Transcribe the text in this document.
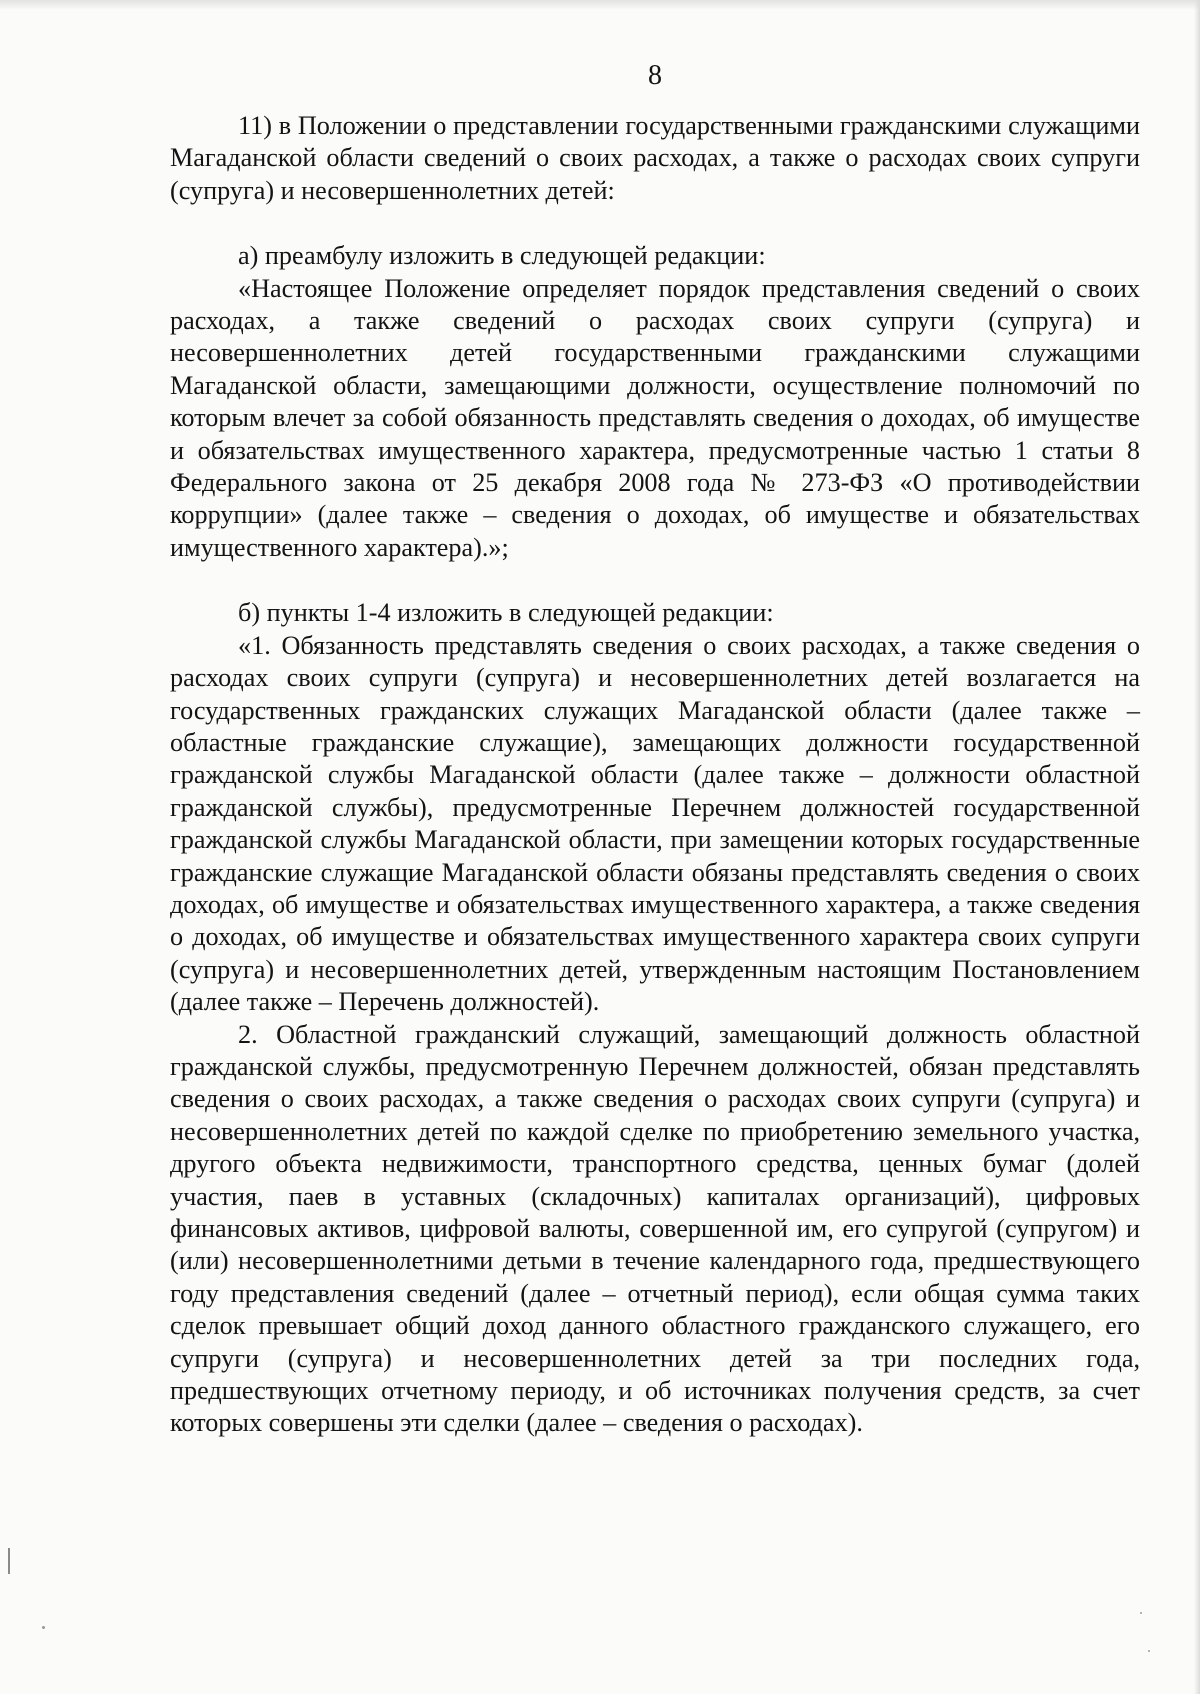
8

11) в Положении о представлении государственными гражданскими служащими Магаданской области сведений о своих расходах, а также о расходах своих супруги (супруга) и несовершеннолетних детей:

а) преамбулу изложить в следующей редакции:

«Настоящее Положение определяет порядок представления сведений о своих расходах, а также сведений о расходах своих супруги (супруга) и несовершеннолетних детей государственными гражданскими служащими Магаданской области, замещающими должности, осуществление полномочий по которым влечет за собой обязанность представлять сведения о доходах, об имуществе и обязательствах имущественного характера, предусмотренные частью 1 статьи 8 Федерального закона от 25 декабря 2008 года № 273-ФЗ «О противодействии коррупции» (далее также – сведения о доходах, об имуществе и обязательствах имущественного характера).»;

б) пункты 1-4 изложить в следующей редакции:

«1. Обязанность представлять сведения о своих расходах, а также сведения о расходах своих супруги (супруга) и несовершеннолетних детей возлагается на государственных гражданских служащих Магаданской области (далее также – областные гражданские служащие), замещающих должности государственной гражданской службы Магаданской области (далее также – должности областной гражданской службы), предусмотренные Перечнем должностей государственной гражданской службы Магаданской области, при замещении которых государственные гражданские служащие Магаданской области обязаны представлять сведения о своих доходах, об имуществе и обязательствах имущественного характера, а также сведения о доходах, об имуществе и обязательствах имущественного характера своих супруги (супруга) и несовершеннолетних детей, утвержденным настоящим Постановлением (далее также – Перечень должностей).

2. Областной гражданский служащий, замещающий должность областной гражданской службы, предусмотренную Перечнем должностей, обязан представлять сведения о своих расходах, а также сведения о расходах своих супруги (супруга) и несовершеннолетних детей по каждой сделке по приобретению земельного участка, другого объекта недвижимости, транспортного средства, ценных бумаг (долей участия, паев в уставных (складочных) капиталах организаций), цифровых финансовых активов, цифровой валюты, совершенной им, его супругой (супругом) и (или) несовершеннолетними детьми в течение календарного года, предшествующего году представления сведений (далее – отчетный период), если общая сумма таких сделок превышает общий доход данного областного гражданского служащего, его супруги (супруга) и несовершеннолетних детей за три последних года, предшествующих отчетному периоду, и об источниках получения средств, за счет которых совершены эти сделки (далее – сведения о расходах).
